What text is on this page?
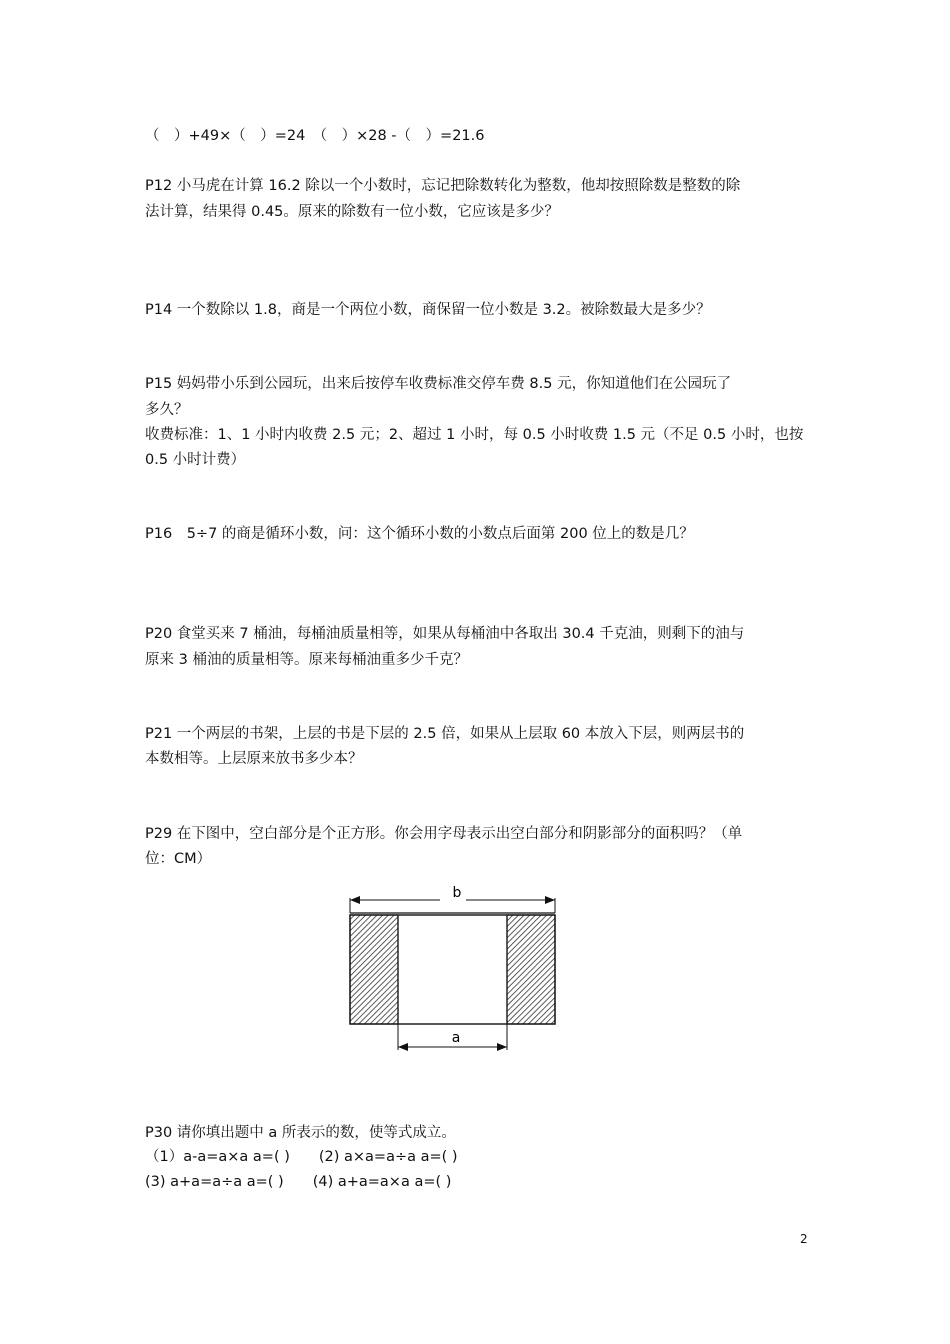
（　）+49×（　）=24　（　）×28 -（　）=21.6
P12 小马虎在计算 16.2 除以一个小数时，忘记把除数转化为整数，他却按照除数是整数的除
法计算，结果得 0.45。原来的除数有一位小数，它应该是多少？
P14 一个数除以 1.8，商是一个两位小数，商保留一位小数是 3.2。被除数最大是多少？
P15 妈妈带小乐到公园玩，出来后按停车收费标准交停车费 8.5 元，你知道他们在公园玩了
多久？
收费标准：1、1 小时内收费 2.5 元；2、超过 1 小时，每 0.5 小时收费 1.5 元（不足 0.5 小时，也按
0.5 小时计费）
P16　5÷7 的商是循环小数，问：这个循环小数的小数点后面第 200 位上的数是几？
P20 食堂买来 7 桶油，每桶油质量相等，如果从每桶油中各取出 30.4 千克油，则剩下的油与
原来 3 桶油的质量相等。原来每桶油重多少千克？
P21 一个两层的书架，上层的书是下层的 2.5 倍，如果从上层取 60 本放入下层，则两层书的
本数相等。上层原来放书多少本？
P29 在下图中，空白部分是个正方形。你会用字母表示出空白部分和阴影部分的面积吗？（单
位：CM）
b
a
P30 请你填出题中 a 所表示的数，使等式成立。
（1）a-a=a×a a=( )　　(2) a×a=a÷a a=( )
(3) a+a=a÷a a=( )　　(4) a+a=a×a a=( )
2
